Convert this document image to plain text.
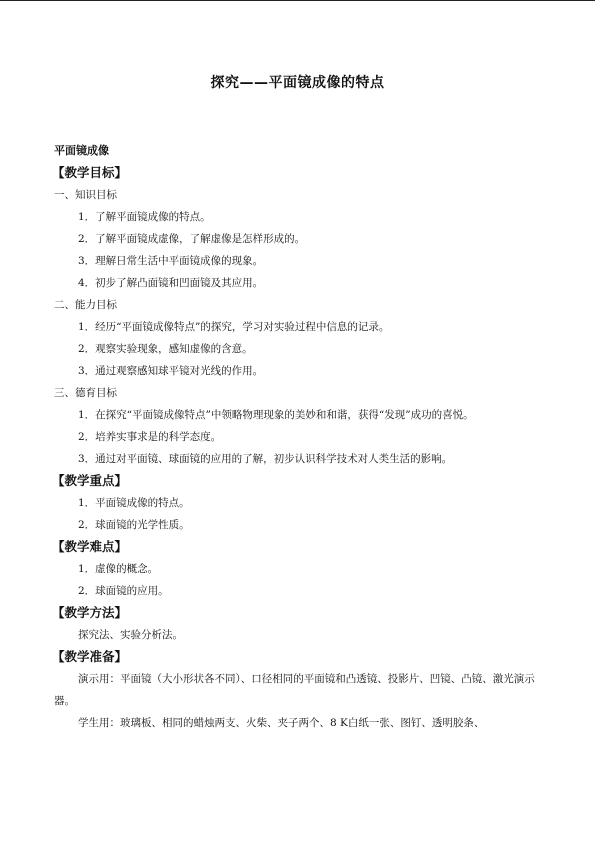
探究——平面镜成像的特点
平面镜成像
【教学目标】
一、知识目标
1．了解平面镜成像的特点。
2．了解平面镜成虚像，了解虚像是怎样形成的。
3．理解日常生活中平面镜成像的现象。
4．初步了解凸面镜和凹面镜及其应用。
二、能力目标
1．经历“平面镜成像特点”的探究，学习对实验过程中信息的记录。
2．观察实验现象，感知虚像的含意。
3．通过观察感知球平镜对光线的作用。
三、德育目标
1．在探究“平面镜成像特点”中领略物理现象的美妙和和谐，获得“发现”成功的喜悦。
2．培养实事求是的科学态度。
3．通过对平面镜、球面镜的应用的了解，初步认识科学技术对人类生活的影响。
【教学重点】
1．平面镜成像的特点。
2．球面镜的光学性质。
【教学难点】
1．虚像的概念。
2．球面镜的应用。
【教学方法】
探究法、实验分析法。
【教学准备】
演示用：平面镜（大小形状各不同）、口径相同的平面镜和凸透镜、投影片、凹镜、凸镜、激光演示器。
学生用：玻璃板、相同的蜡烛两支、火柴、夹子两个、8 K白纸一张、图钉、透明胶条、
